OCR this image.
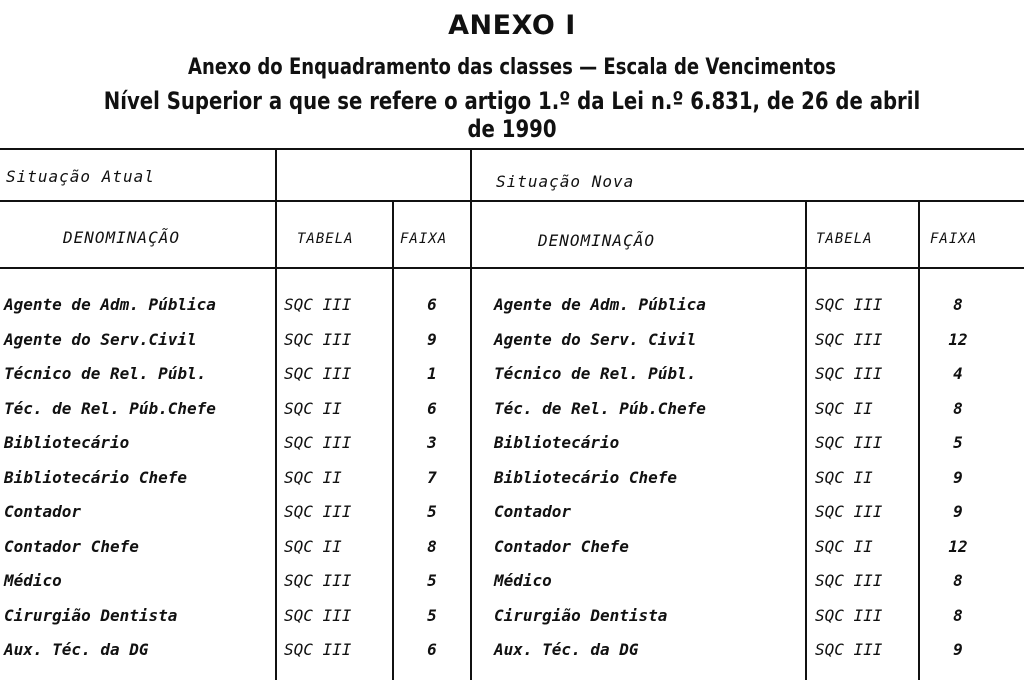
ANEXO I
Anexo do Enquadramento das classes — Escala de Vencimentos
Nível Superior a que se refere o artigo 1.º da Lei n.º 6.831, de 26 de abril de 1990
Situação Atual	Situação Nova
DENOMINAÇÃO	TABELA	FAIXA	DENOMINAÇÃO	TABELA	FAIXA
Agente de Adm. Pública	SQC III	6	Agente de Adm. Pública	SQC III	8
Agente do Serv.Civil	SQC III	9	Agente do Serv. Civil	SQC III	12
Técnico de Rel. Públ.	SQC III	1	Técnico de Rel. Públ.	SQC III	4
Téc. de Rel. Púb.Chefe	SQC II	6	Téc. de Rel. Púb.Chefe	SQC II	8
Bibliotecário	SQC III	3	Bibliotecário	SQC III	5
Bibliotecário Chefe	SQC II	7	Bibliotecário Chefe	SQC II	9
Contador	SQC III	5	Contador	SQC III	9
Contador Chefe	SQC II	8	Contador Chefe	SQC II	12
Médico	SQC III	5	Médico	SQC III	8
Cirurgião Dentista	SQC III	5	Cirurgião Dentista	SQC III	8
Aux. Téc. da DG	SQC III	6	Aux. Téc. da DG	SQC III	9
